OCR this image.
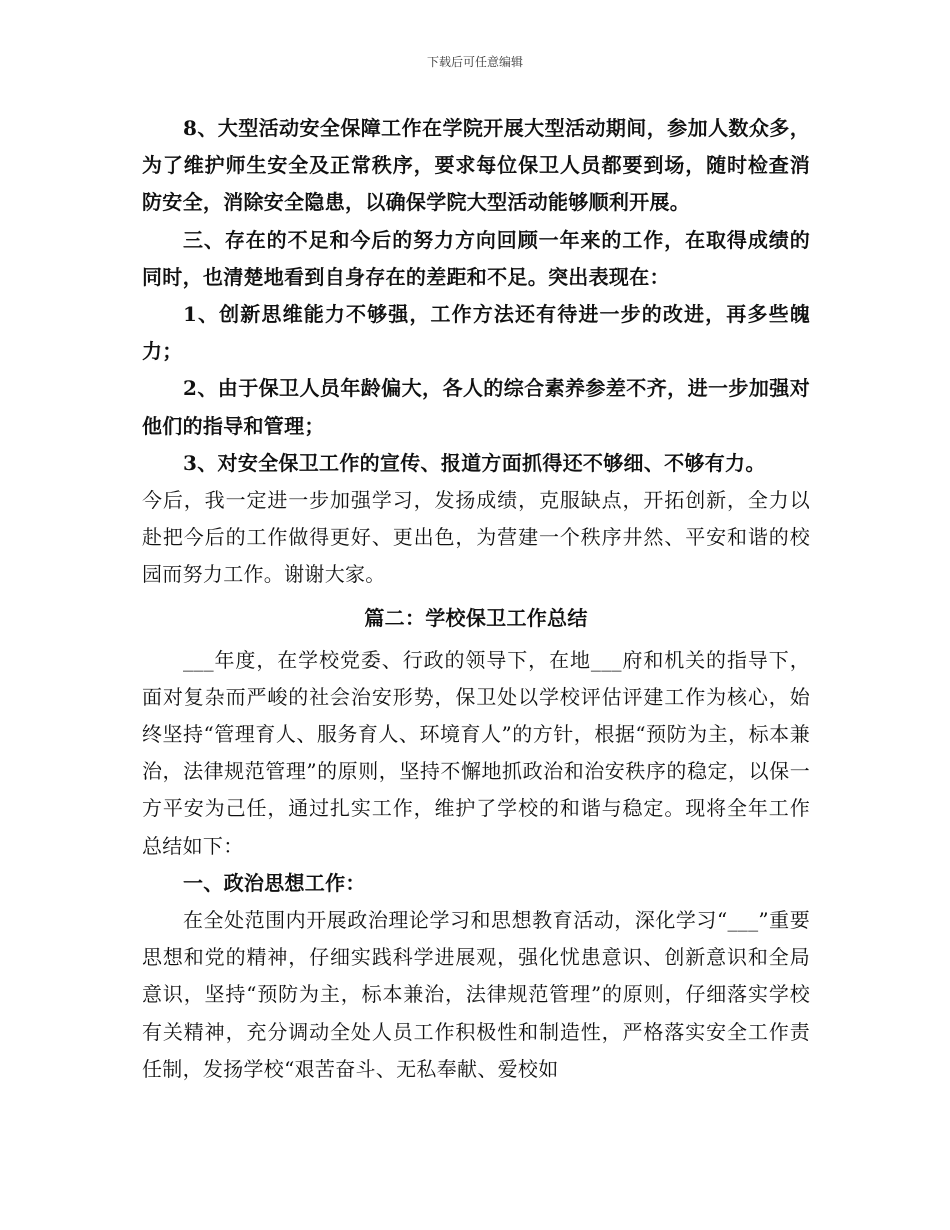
下载后可任意编辑

8、大型活动安全保障工作在学院开展大型活动期间，参加人数众多，为了维护师生安全及正常秩序，要求每位保卫人员都要到场，随时检查消防安全，消除安全隐患，以确保学院大型活动能够顺利开展。

三、存在的不足和今后的努力方向回顾一年来的工作，在取得成绩的同时，也清楚地看到自身存在的差距和不足。突出表现在：

1、创新思维能力不够强，工作方法还有待进一步的改进，再多些魄力；

2、由于保卫人员年龄偏大，各人的综合素养参差不齐，进一步加强对他们的指导和管理；

3、对安全保卫工作的宣传、报道方面抓得还不够细、不够有力。

今后，我一定进一步加强学习，发扬成绩，克服缺点，开拓创新，全力以赴把今后的工作做得更好、更出色，为营建一个秩序井然、平安和谐的校园而努力工作。谢谢大家。

篇二：学校保卫工作总结

___年度，在学校党委、行政的领导下，在地___府和机关的指导下，面对复杂而严峻的社会治安形势，保卫处以学校评估评建工作为核心，始终坚持“管理育人、服务育人、环境育人”的方针，根据“预防为主，标本兼治，法律规范管理”的原则，坚持不懈地抓政治和治安秩序的稳定，以保一方平安为己任，通过扎实工作，维护了学校的和谐与稳定。现将全年工作总结如下：

一、政治思想工作：

在全处范围内开展政治理论学习和思想教育活动，深化学习“___”重要思想和党的精神，仔细实践科学进展观，强化忧患意识、创新意识和全局意识，坚持“预防为主，标本兼治，法律规范管理”的原则，仔细落实学校有关精神，充分调动全处人员工作积极性和制造性，严格落实安全工作责任制，发扬学校“艰苦奋斗、无私奉献、爱校如
